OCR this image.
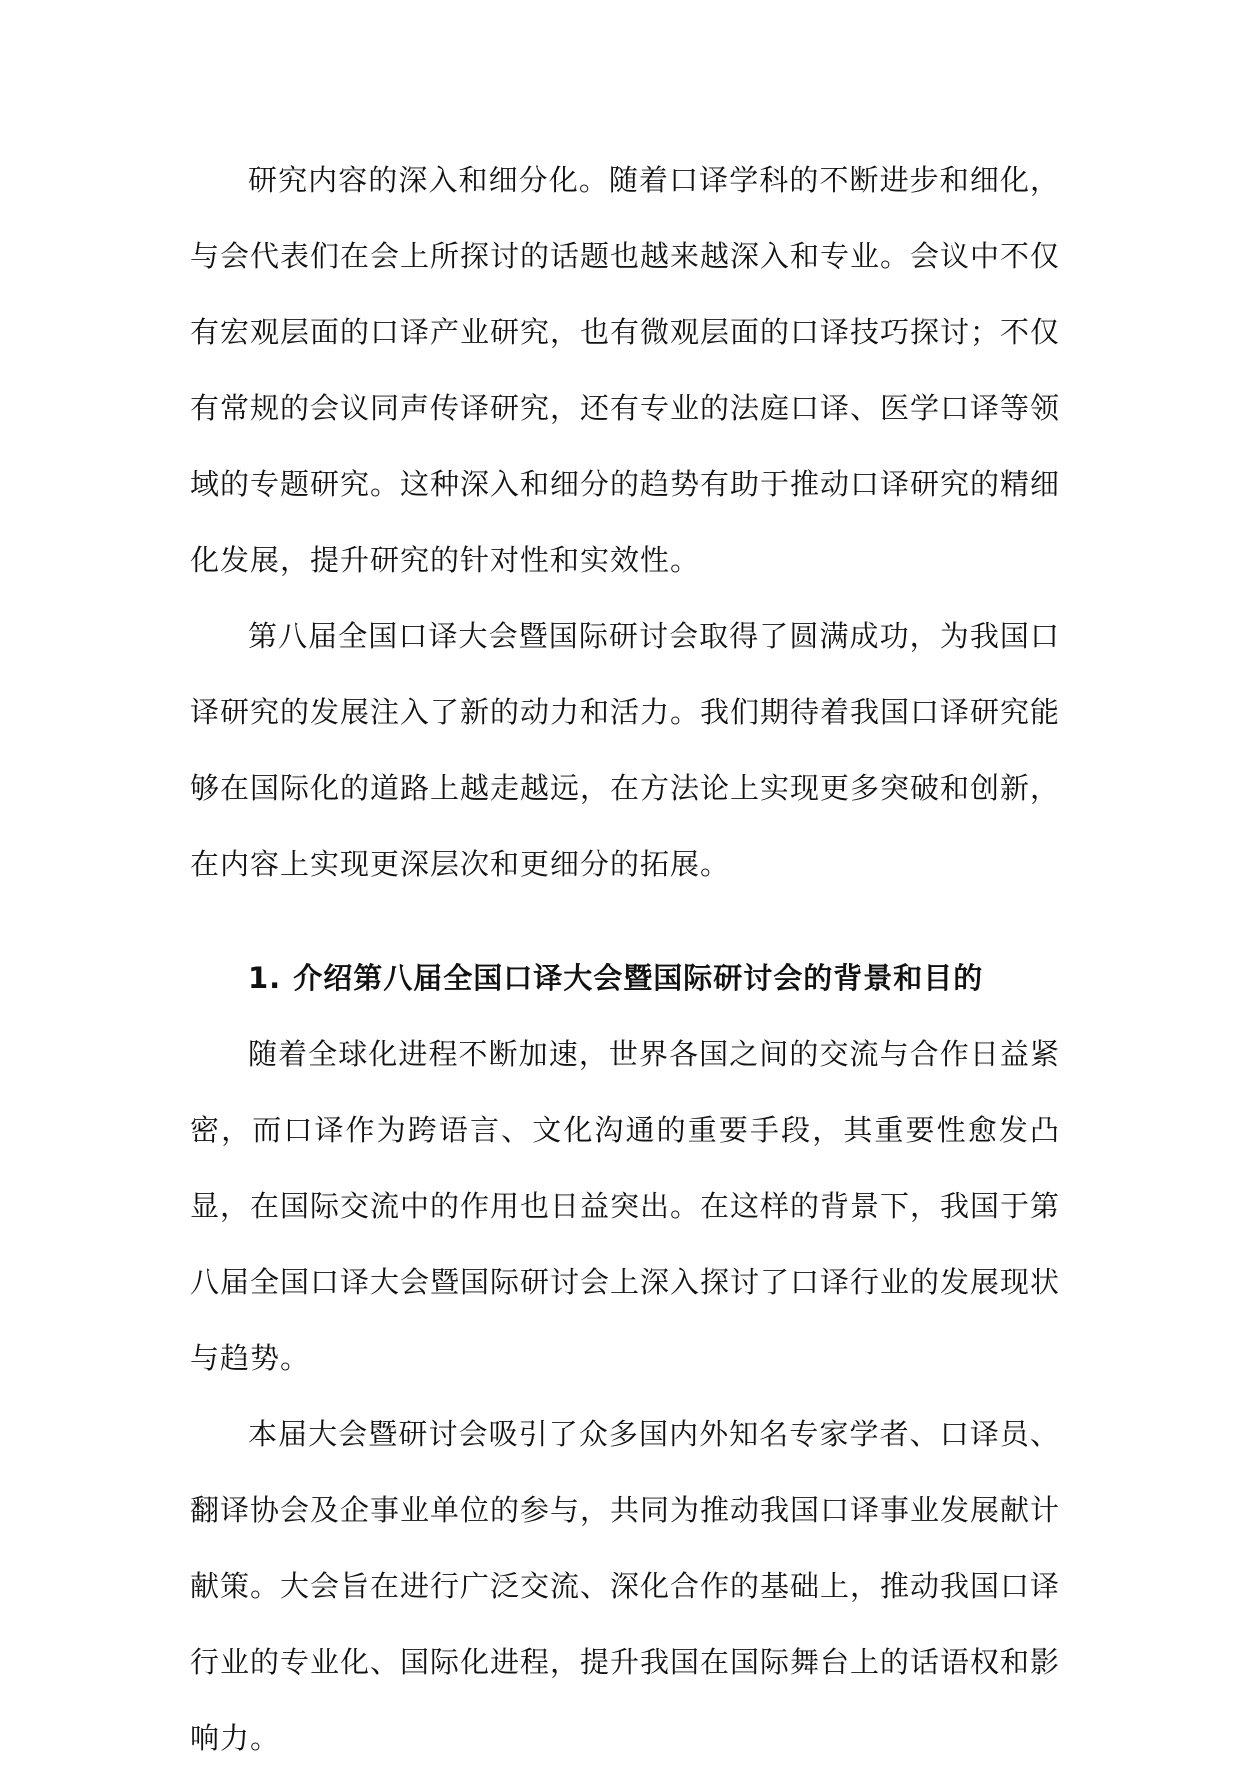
研究内容的深入和细分化。随着口译学科的不断进步和细化，与会代表们在会上所探讨的话题也越来越深入和专业。会议中不仅有宏观层面的口译产业研究，也有微观层面的口译技巧探讨；不仅有常规的会议同声传译研究，还有专业的法庭口译、医学口译等领域的专题研究。这种深入和细分的趋势有助于推动口译研究的精细化发展，提升研究的针对性和实效性。

第八届全国口译大会暨国际研讨会取得了圆满成功，为我国口译研究的发展注入了新的动力和活力。我们期待着我国口译研究能够在国际化的道路上越走越远，在方法论上实现更多突破和创新，在内容上实现更深层次和更细分的拓展。

1. 介绍第八届全国口译大会暨国际研讨会的背景和目的

随着全球化进程不断加速，世界各国之间的交流与合作日益紧密，而口译作为跨语言、文化沟通的重要手段，其重要性愈发凸显，在国际交流中的作用也日益突出。在这样的背景下，我国于第八届全国口译大会暨国际研讨会上深入探讨了口译行业的发展现状与趋势。

本届大会暨研讨会吸引了众多国内外知名专家学者、口译员、翻译协会及企事业单位的参与，共同为推动我国口译事业发展献计献策。大会旨在进行广泛交流、深化合作的基础上，推动我国口译行业的专业化、国际化进程，提升我国在国际舞台上的话语权和影响力。
